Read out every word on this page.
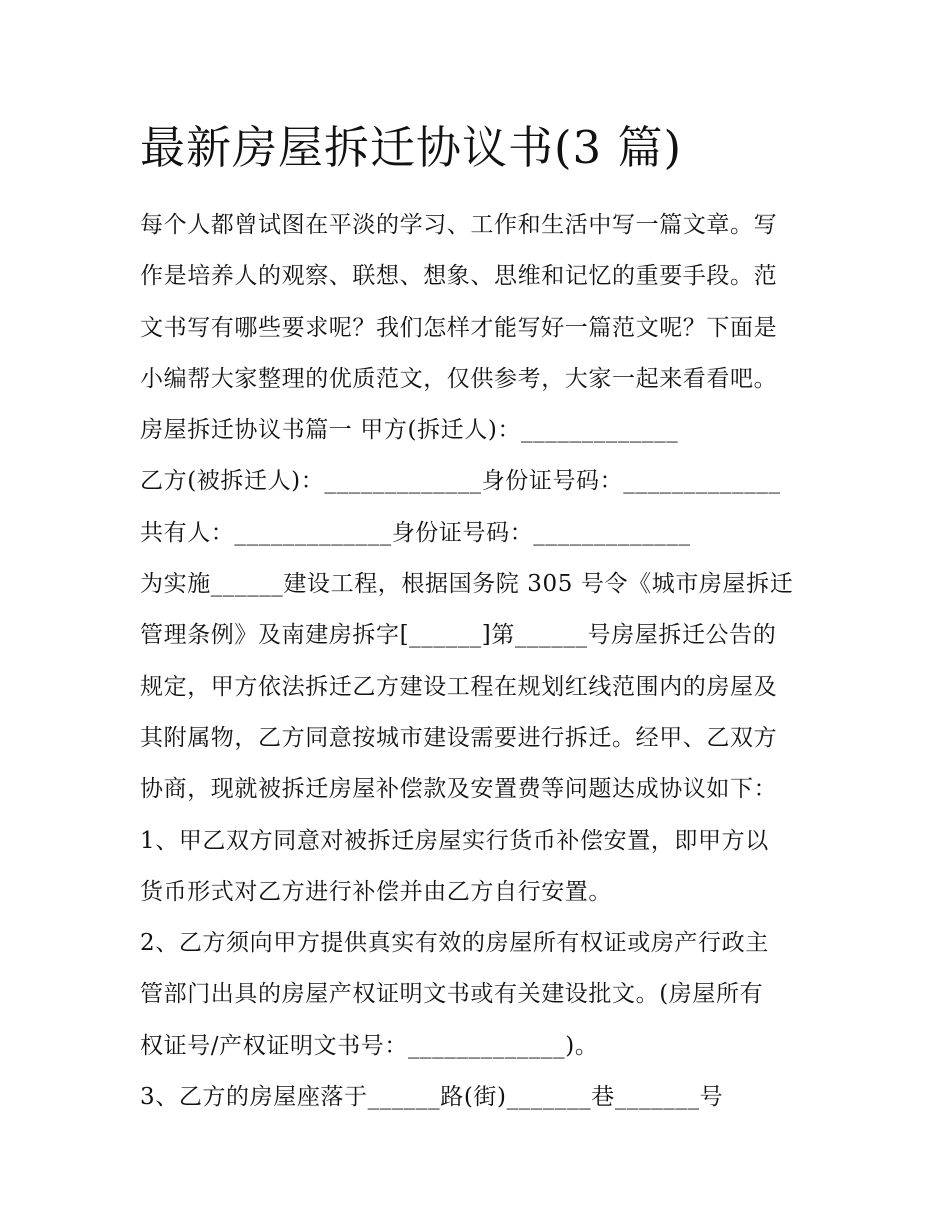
最新房屋拆迁协议书(3 篇)
每个人都曾试图在平淡的学习、工作和生活中写一篇文章。写
作是培养人的观察、联想、想象、思维和记忆的重要手段。范
文书写有哪些要求呢？我们怎样才能写好一篇范文呢？下面是
小编帮大家整理的优质范文，仅供参考，大家一起来看看吧。
房屋拆迁协议书篇一 甲方(拆迁人)：_____________
乙方(被拆迁人)：_____________身份证号码：_____________
共有人：_____________身份证号码：_____________
为实施______建设工程，根据国务院 305 号令《城市房屋拆迁
管理条例》及南建房拆字[______]第______号房屋拆迁公告的
规定，甲方依法拆迁乙方建设工程在规划红线范围内的房屋及
其附属物，乙方同意按城市建设需要进行拆迁。经甲、乙双方
协商，现就被拆迁房屋补偿款及安置费等问题达成协议如下：
1、甲乙双方同意对被拆迁房屋实行货币补偿安置，即甲方以
货币形式对乙方进行补偿并由乙方自行安置。
2、乙方须向甲方提供真实有效的房屋所有权证或房产行政主
管部门出具的房屋产权证明文书或有关建设批文。(房屋所有
权证号/产权证明文书号：_____________)。
3、乙方的房屋座落于______路(街)_______巷_______号
